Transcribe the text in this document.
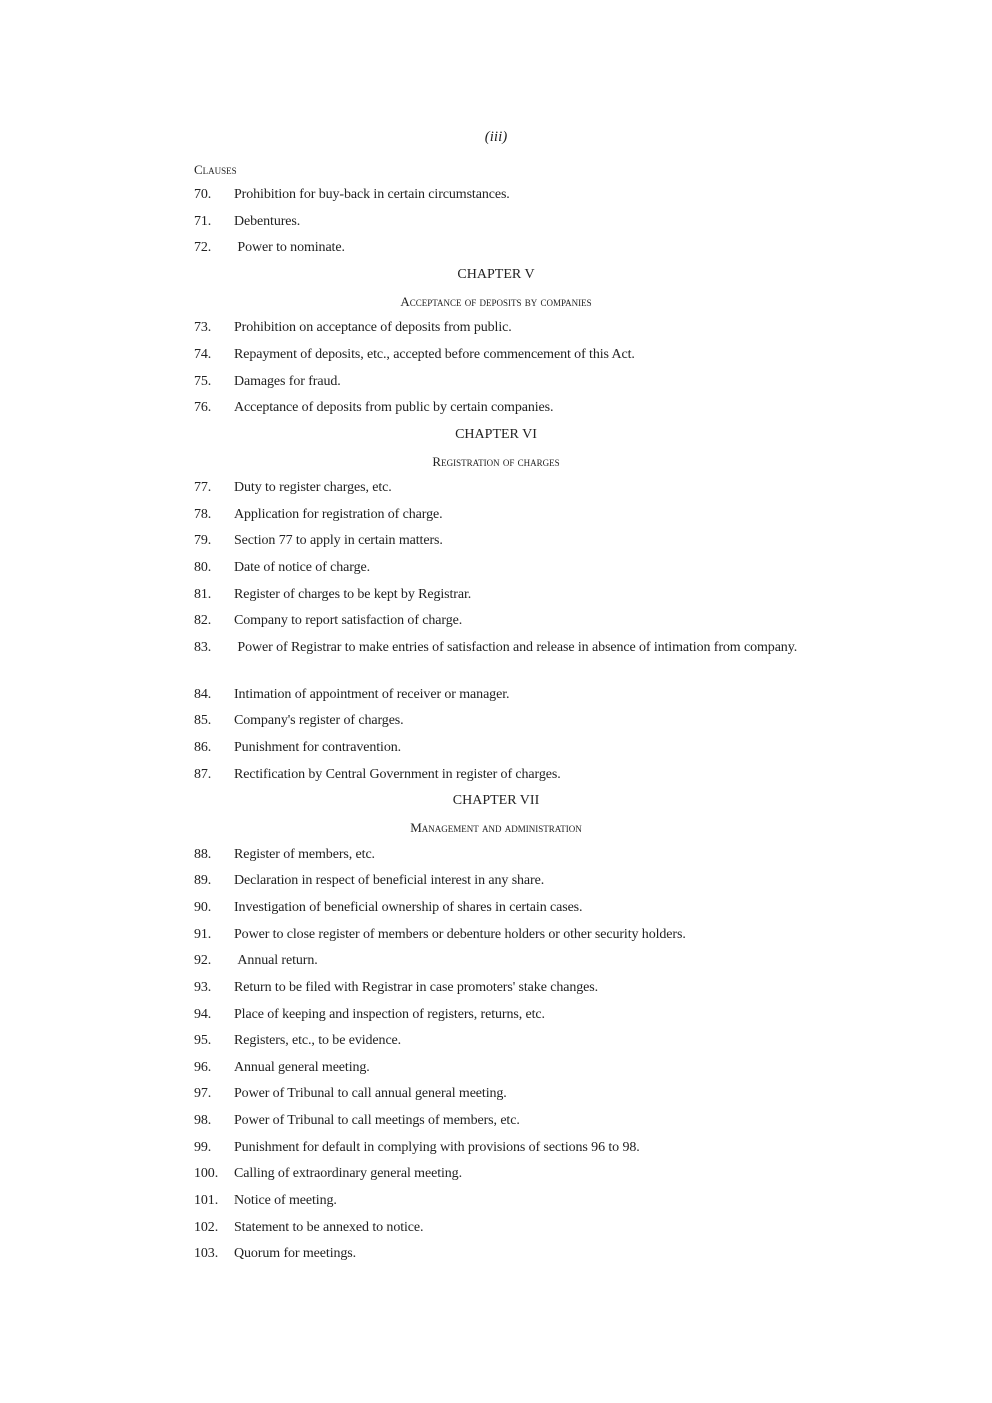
(iii)
Clauses
70. Prohibition for buy-back in certain circumstances.
71. Debentures.
72. Power to nominate.
CHAPTER V
Acceptance of deposits by companies
73. Prohibition on acceptance of deposits from public.
74. Repayment of deposits, etc., accepted before commencement of this Act.
75. Damages for fraud.
76. Acceptance of deposits from public by certain companies.
CHAPTER VI
Registration of charges
77. Duty to register charges, etc.
78. Application for registration of charge.
79. Section 77 to apply in certain matters.
80. Date of notice of charge.
81. Register of charges to be kept by Registrar.
82. Company to report satisfaction of charge.
83. Power of Registrar to make entries of satisfaction and release in absence of intimation from company.
84. Intimation of appointment of receiver or manager.
85. Company's register of charges.
86. Punishment for contravention.
87. Rectification by Central Government in register of charges.
CHAPTER VII
Management and administration
88. Register of members, etc.
89. Declaration in respect of beneficial interest in any share.
90. Investigation of beneficial ownership of shares in certain cases.
91. Power to close register of members or debenture holders or other security holders.
92. Annual return.
93. Return to be filed with Registrar in case promoters' stake changes.
94. Place of keeping and inspection of registers, returns, etc.
95. Registers, etc., to be evidence.
96. Annual general meeting.
97. Power of Tribunal to call annual general meeting.
98. Power of Tribunal to call meetings of members, etc.
99. Punishment for default in complying with provisions of sections 96 to 98.
100. Calling of extraordinary general meeting.
101. Notice of meeting.
102. Statement to be annexed to notice.
103. Quorum for meetings.
